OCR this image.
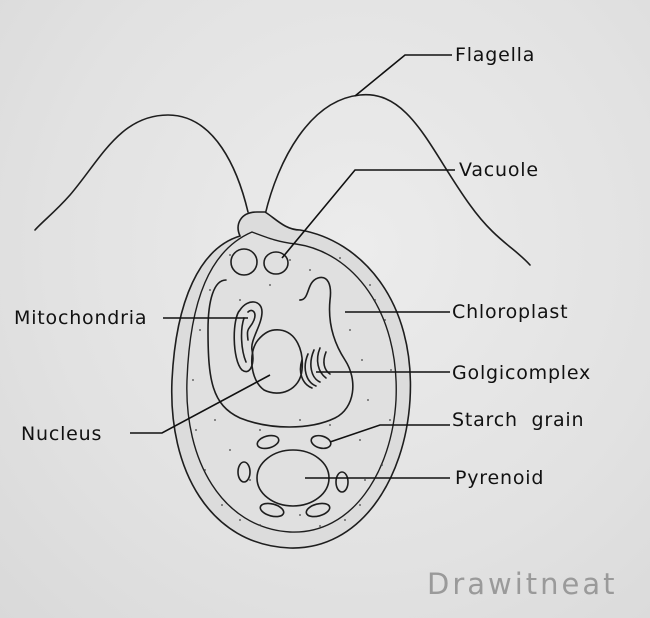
Flagella
Vacuole
Mitochondria	Chloroplast
Golgicomplex
Nucleus
Starch  grain
Pyrenoid
Drawitneat
